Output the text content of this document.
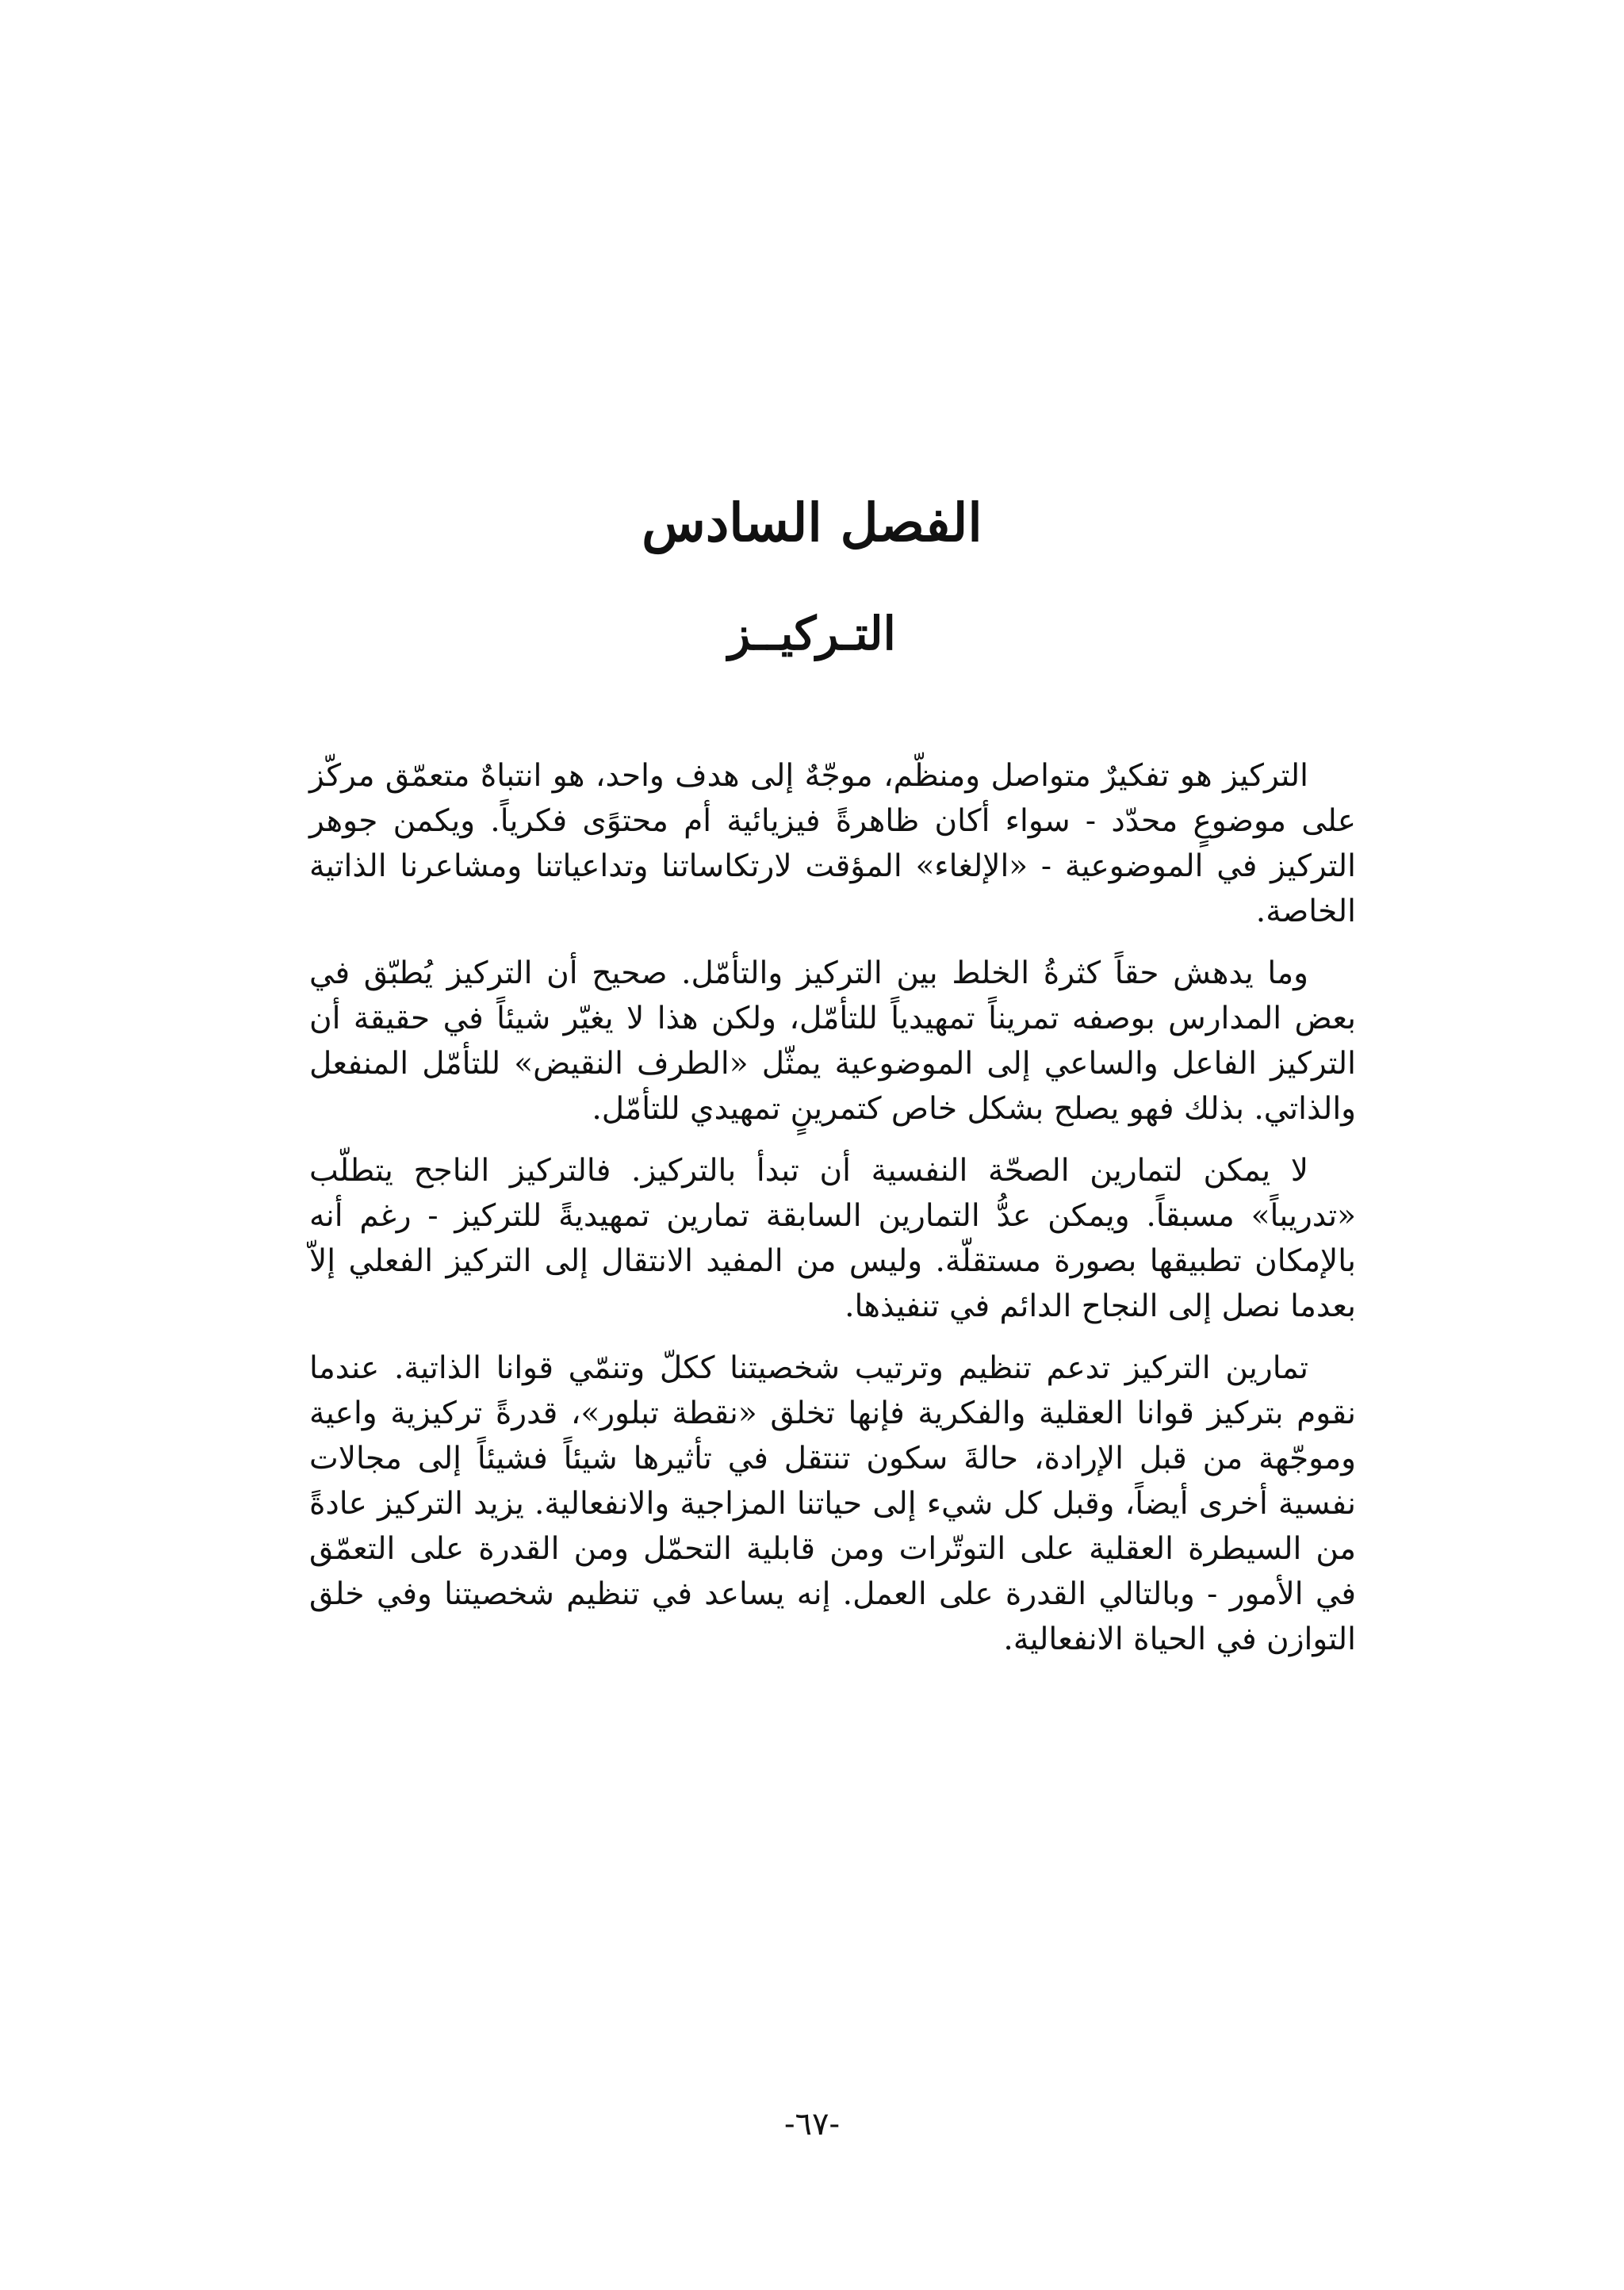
الفصل السادس
التـركيــز

التركيز هو تفكيرٌ متواصل ومنظّم، موجّهٌ إلى هدف واحد، هو انتباهٌ متعمّق مركّز على موضوعٍ محدّد - سواء أكان ظاهرةً فيزيائية أم محتوًى فكرياً. ويكمن جوهر التركيز في الموضوعية - «الإلغاء» المؤقت لارتكاساتنا وتداعياتنا ومشاعرنا الذاتية الخاصة.

وما يدهش حقاً كثرةُ الخلط بين التركيز والتأمّل. صحيح أن التركيز يُطبّق في بعض المدارس بوصفه تمريناً تمهيدياً للتأمّل، ولكن هذا لا يغيّر شيئاً في حقيقة أن التركيز الفاعل والساعي إلى الموضوعية يمثّل «الطرف النقيض» للتأمّل المنفعل والذاتي. بذلك فهو يصلح بشكل خاص كتمرينٍ تمهيدي للتأمّل.

لا يمكن لتمارين الصحّة النفسية أن تبدأ بالتركيز. فالتركيز الناجح يتطلّب «تدريباً» مسبقاً. ويمكن عدُّ التمارين السابقة تمارين تمهيديةً للتركيز - رغم أنه بالإمكان تطبيقها بصورة مستقلّة. وليس من المفيد الانتقال إلى التركيز الفعلي إلاّ بعدما نصل إلى النجاح الدائم في تنفيذها.

تمارين التركيز تدعم تنظيم وترتيب شخصيتنا ككلّ وتنمّي قوانا الذاتية. عندما نقوم بتركيز قوانا العقلية والفكرية فإنها تخلق «نقطة تبلور»، قدرةً تركيزية واعية وموجّهة من قبل الإرادة، حالةَ سكون تنتقل في تأثيرها شيئاً فشيئاً إلى مجالات نفسية أخرى أيضاً، وقبل كل شيء إلى حياتنا المزاجية والانفعالية. يزيد التركيز عادةً من السيطرة العقلية على التوتّرات ومن قابلية التحمّل ومن القدرة على التعمّق في الأمور - وبالتالي القدرة على العمل. إنه يساعد في تنظيم شخصيتنا وفي خلق التوازن في الحياة الانفعالية.

-٦٧-
